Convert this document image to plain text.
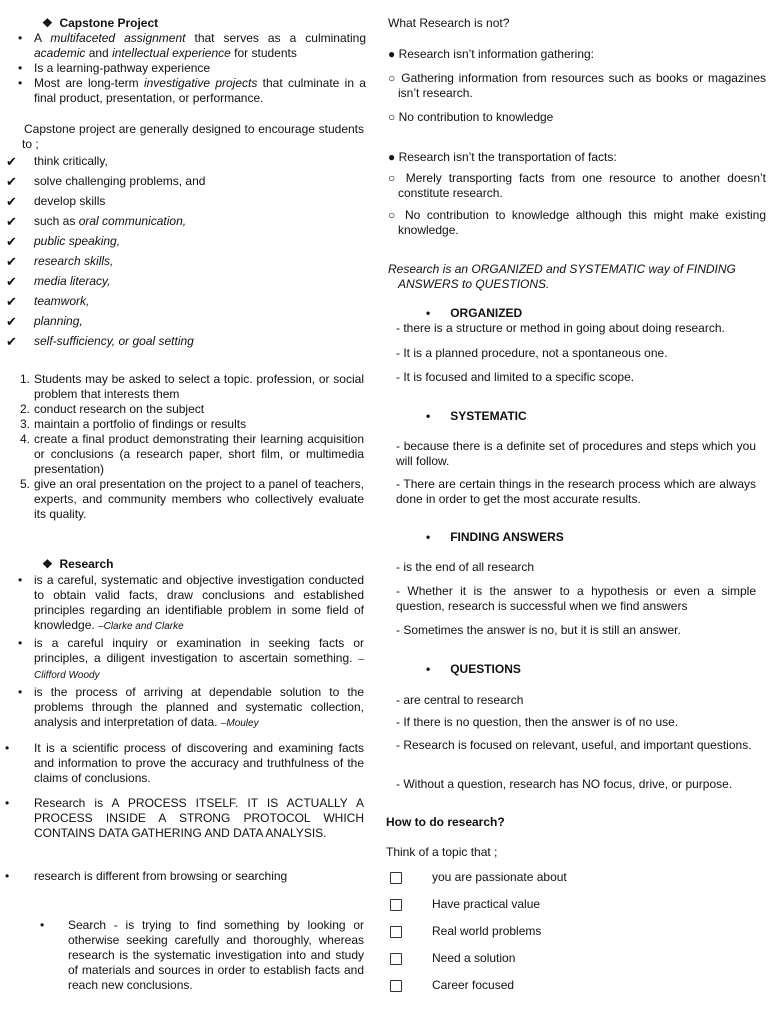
❖ Capstone Project
• A multifaceted assignment that serves as a culminating academic and intellectual experience for students
• Is a learning-pathway experience
• Most are long-term investigative projects that culminate in a final product, presentation, or performance.
Capstone project are generally designed to encourage students to ;
✔ think critically,
✔ solve challenging problems, and
✔ develop skills
✔ such as oral communication,
✔ public speaking,
✔ research skills,
✔ media literacy,
✔ teamwork,
✔ planning,
✔ self-sufficiency, or goal setting
1. Students may be asked to select a topic. profession, or social problem that interests them
2. conduct research on the subject
3. maintain a portfolio of findings or results
4. create a final product demonstrating their learning acquisition or conclusions (a research paper, short film, or multimedia presentation)
5. give an oral presentation on the project to a panel of teachers, experts, and community members who collectively evaluate its quality.
❖ Research
• is a careful, systematic and objective investigation conducted to obtain valid facts, draw conclusions and established principles regarding an identifiable problem in some field of knowledge. –Clarke and Clarke
• is a careful inquiry or examination in seeking facts or principles, a diligent investigation to ascertain something. –Clifford Woody
• is the process of arriving at dependable solution to the problems through the planned and systematic collection, analysis and interpretation of data. –Mouley
• It is a scientific process of discovering and examining facts and information to prove the accuracy and truthfulness of the claims of conclusions.
• Research is A PROCESS ITSELF. IT IS ACTUALLY A PROCESS INSIDE A STRONG PROTOCOL WHICH CONTAINS DATA GATHERING AND DATA ANALYSIS.
• research is different from browsing or searching
• Search - is trying to find something by looking or otherwise seeking carefully and thoroughly, whereas research is the systematic investigation into and study of materials and sources in order to establish facts and reach new conclusions.
What Research is not?
● Research isn’t information gathering:
○ Gathering information from resources such as books or magazines isn’t research.
○ No contribution to knowledge
● Research isn’t the transportation of facts:
○ Merely transporting facts from one resource to another doesn’t constitute research.
○ No contribution to knowledge although this might make existing knowledge.
Research is an ORGANIZED and SYSTEMATIC way of FINDING ANSWERS to QUESTIONS.
• ORGANIZED
- there is a structure or method in going about doing research.
- It is a planned procedure, not a spontaneous one.
- It is focused and limited to a specific scope.
• SYSTEMATIC
- because there is a definite set of procedures and steps which you will follow.
- There are certain things in the research process which are always done in order to get the most accurate results.
• FINDING ANSWERS
- is the end of all research
- Whether it is the answer to a hypothesis or even a simple question, research is successful when we find answers
- Sometimes the answer is no, but it is still an answer.
• QUESTIONS
- are central to research
- If there is no question, then the answer is of no use.
- Research is focused on relevant, useful, and important questions.
- Without a question, research has NO focus, drive, or purpose.
How to do research?
Think of a topic that ;
you are passionate about
Have practical value
Real world problems
Need a solution
Career focused
